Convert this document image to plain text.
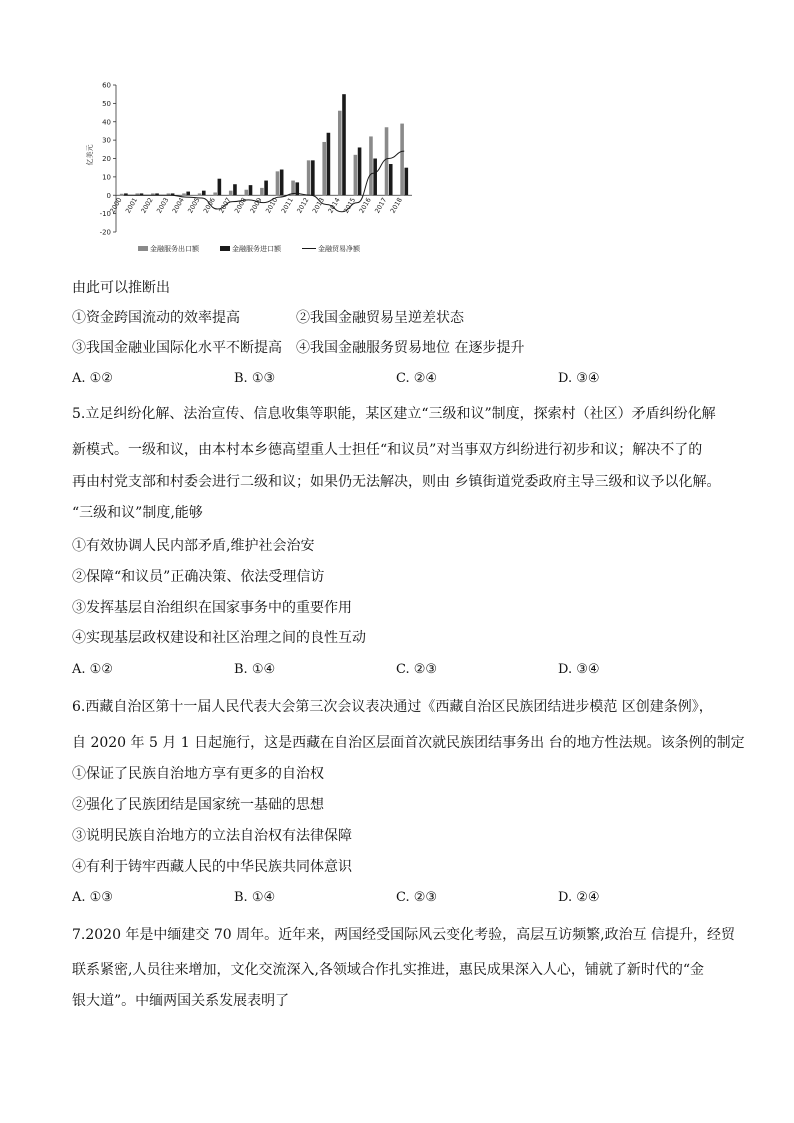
60
50
40
30
20
10
0
-10
-20
亿美元
2000 2001 2002 2003 2004 2005 2006 2007 2008 2009 2010 2011 2012 2013 2014 2015 2016 2017 2018
金融服务出口额	金融服务进口额	金融贸易净额
由此可以推断出
①资金跨国流动的效率提高	②我国金融贸易呈逆差状态
③我国金融业国际化水平不断提高 ④我国金融服务贸易地位 在逐步提升
A. ①②	B. ①③	C. ②④	D. ③④
5.立足纠纷化解、法治宣传、信息收集等职能，某区建立“三级和议”制度，探索村（社区）矛盾纠纷化解
新模式。一级和议，由本村本乡德高望重人士担任“和议员”对当事双方纠纷进行初步和议；解决不了的
再由村党支部和村委会进行二级和议；如果仍无法解决，则由 乡镇街道党委政府主导三级和议予以化解。
“三级和议”制度,能够
①有效协调人民内部矛盾,维护社会治安
②保障“和议员”正确决策、依法受理信访
③发挥基层自治组织在国家事务中的重要作用
④实现基层政权建设和社区治理之间的良性互动
A. ①②	B. ①④	C. ②③	D. ③④
6.西藏自治区第十一届人民代表大会第三次会议表决通过《西藏自治区民族团结进步模范 区创建条例》，
自 2020 年 5 月 1 日起施行，这是西藏在自治区层面首次就民族团结事务出 台的地方性法规。该条例的制定
①保证了民族自治地方享有更多的自治权
②强化了民族团结是国家统一基础的思想
③说明民族自治地方的立法自治权有法律保障
④有利于铸牢西藏人民的中华民族共同体意识
A. ①③	B. ①④	C. ②③	D. ②④
7.2020 年是中缅建交 70 周年。近年来，两国经受国际风云变化考验，高层互访频繁,政治互 信提升，经贸
联系紧密,人员往来增加，文化交流深入,各领域合作扎实推进，惠民成果深入人心，铺就了新时代的“金
银大道”。中缅两国关系发展表明了
